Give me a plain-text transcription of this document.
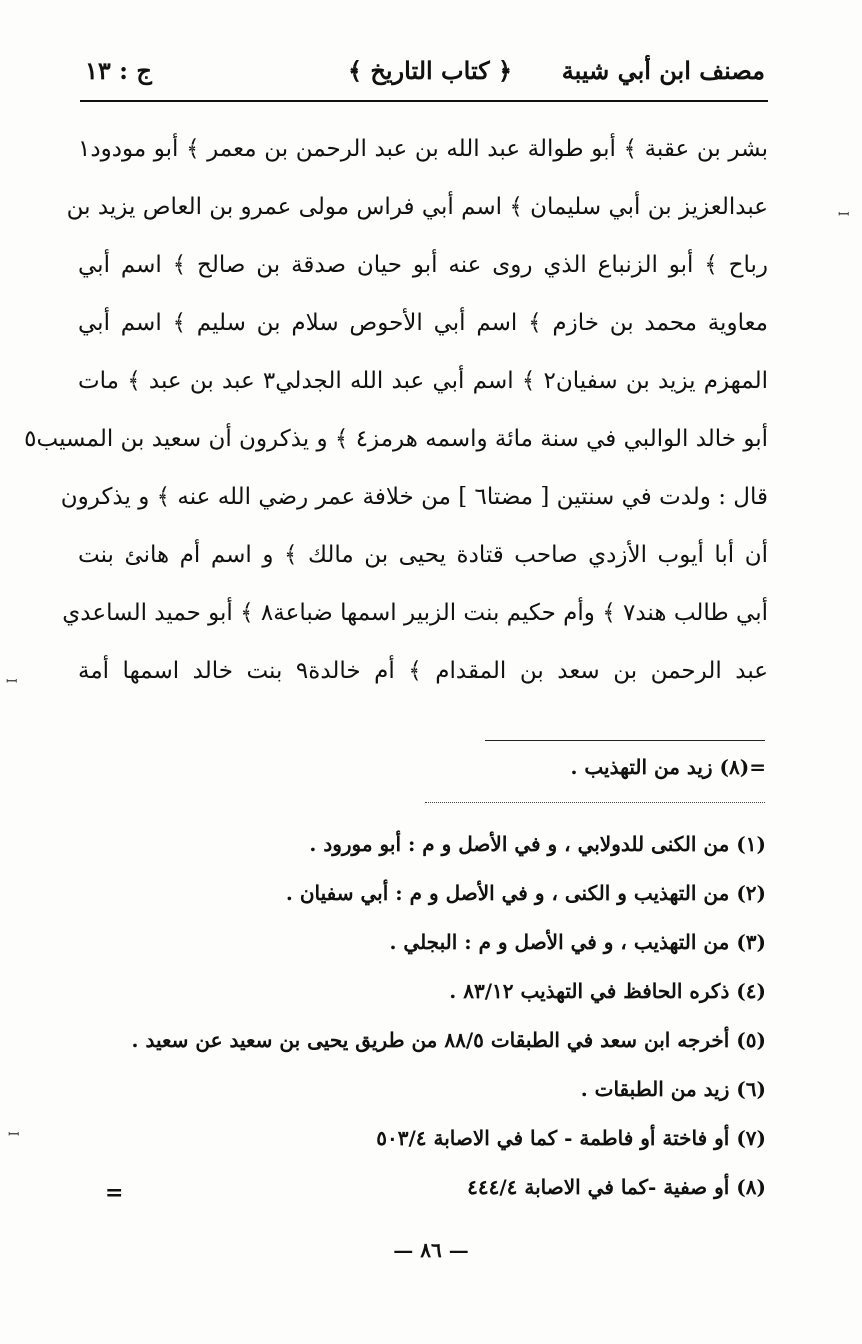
مصنف ابن أبي شيبة
﴿ كتاب التاريخ ﴾
ج : ١٣
بشر بن عقبة ﴾ أبو طوالة عبد الله بن عبد الرحمن بن معمر ﴾ أبو مودود١
عبدالعزيز بن أبي سليمان ﴾ اسم أبي فراس مولى عمرو بن العاص يزيد بن
رباح ﴾ أبو الزنباع الذي روى عنه أبو حيان صدقة بن صالح ﴾ اسم أبي
معاوية محمد بن خازم ﴾ اسم أبي الأحوص سلام بن سليم ﴾ اسم أبي
المهزم يزيد بن سفيان٢ ﴾ اسم أبي عبد الله الجدلي٣ عبد بن عبد ﴾ مات
أبو خالد الوالبي في سنة مائة واسمه هرمز٤ ﴾ و يذكرون أن سعيد بن المسيب٥
قال : ولدت في سنتين [ مضتا٦ ] من خلافة عمر رضي الله عنه ﴾ و يذكرون
أن أبا أيوب الأزدي صاحب قتادة يحيى بن مالك ﴾ و اسم أم هانئ بنت
أبي طالب هند٧ ﴾ وأم حكيم بنت الزبير اسمها ضباعة٨ ﴾ أبو حميد الساعدي
عبد الرحمن بن سعد بن المقدام ﴾ أم خالدة٩ بنت خالد اسمها أمة
=(٨) زيد من التهذيب .
(١) من الكنى للدولابي ، و في الأصل و م : أبو مورود .
(٢) من التهذيب و الكنى ، و في الأصل و م : أبي سفيان .
(٣) من التهذيب ، و في الأصل و م : البجلي .
(٤) ذكره الحافظ في التهذيب ٨٣/١٢ .
(٥) أخرجه ابن سعد في الطبقات ٨٨/٥ من طريق يحيى بن سعيد عن سعيد .
(٦) زيد من الطبقات .
(٧) أو فاختة أو فاطمة - كما في الاصابة ٥٠٣/٤
(٨) أو صفية -كما في الاصابة ٤٤٤/٤
=
— ٨٦ —
ꟷ
ꟷ
ꟷ
